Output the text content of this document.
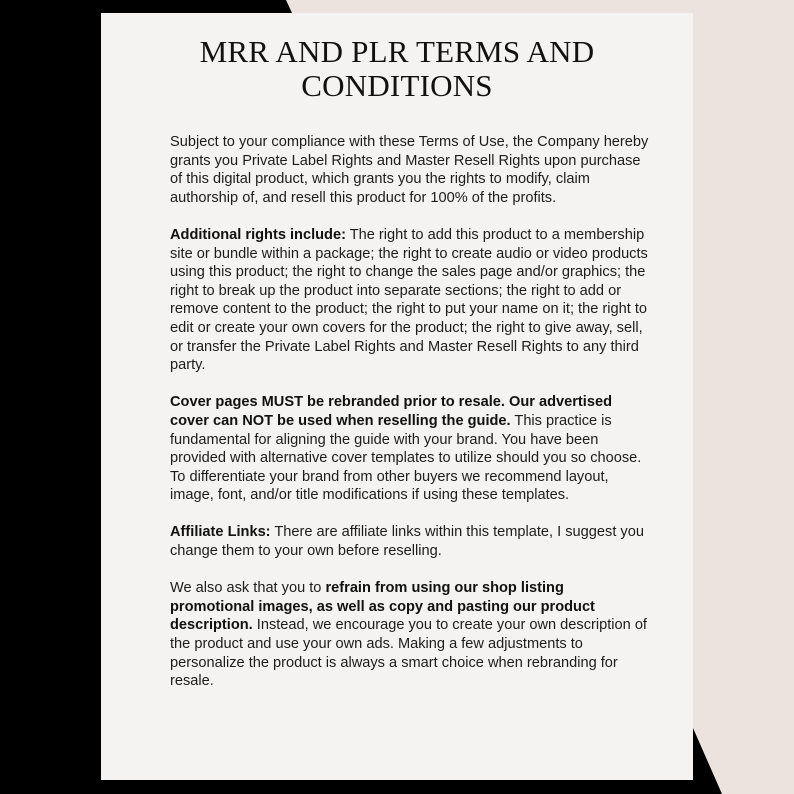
MRR AND PLR TERMS AND
CONDITIONS

Subject to your compliance with these Terms of Use, the Company hereby grants you Private Label Rights and Master Resell Rights upon purchase of this digital product, which grants you the rights to modify, claim authorship of, and resell this product for 100% of the profits.

Additional rights include: The right to add this product to a membership site or bundle within a package; the right to create audio or video products using this product; the right to change the sales page and/or graphics; the right to break up the product into separate sections; the right to add or remove content to the product; the right to put your name on it; the right to edit or create your own covers for the product; the right to give away, sell, or transfer the Private Label Rights and Master Resell Rights to any third party.

Cover pages MUST be rebranded prior to resale. Our advertised cover can NOT be used when reselling the guide. This practice is fundamental for aligning the guide with your brand. You have been provided with alternative cover templates to utilize should you so choose. To differentiate your brand from other buyers we recommend layout, image, font, and/or title modifications if using these templates.

Affiliate Links: There are affiliate links within this template, I suggest you change them to your own before reselling.

We also ask that you to refrain from using our shop listing promotional images, as well as copy and pasting our product description. Instead, we encourage you to create your own description of the product and use your own ads. Making a few adjustments to personalize the product is always a smart choice when rebranding for resale.
